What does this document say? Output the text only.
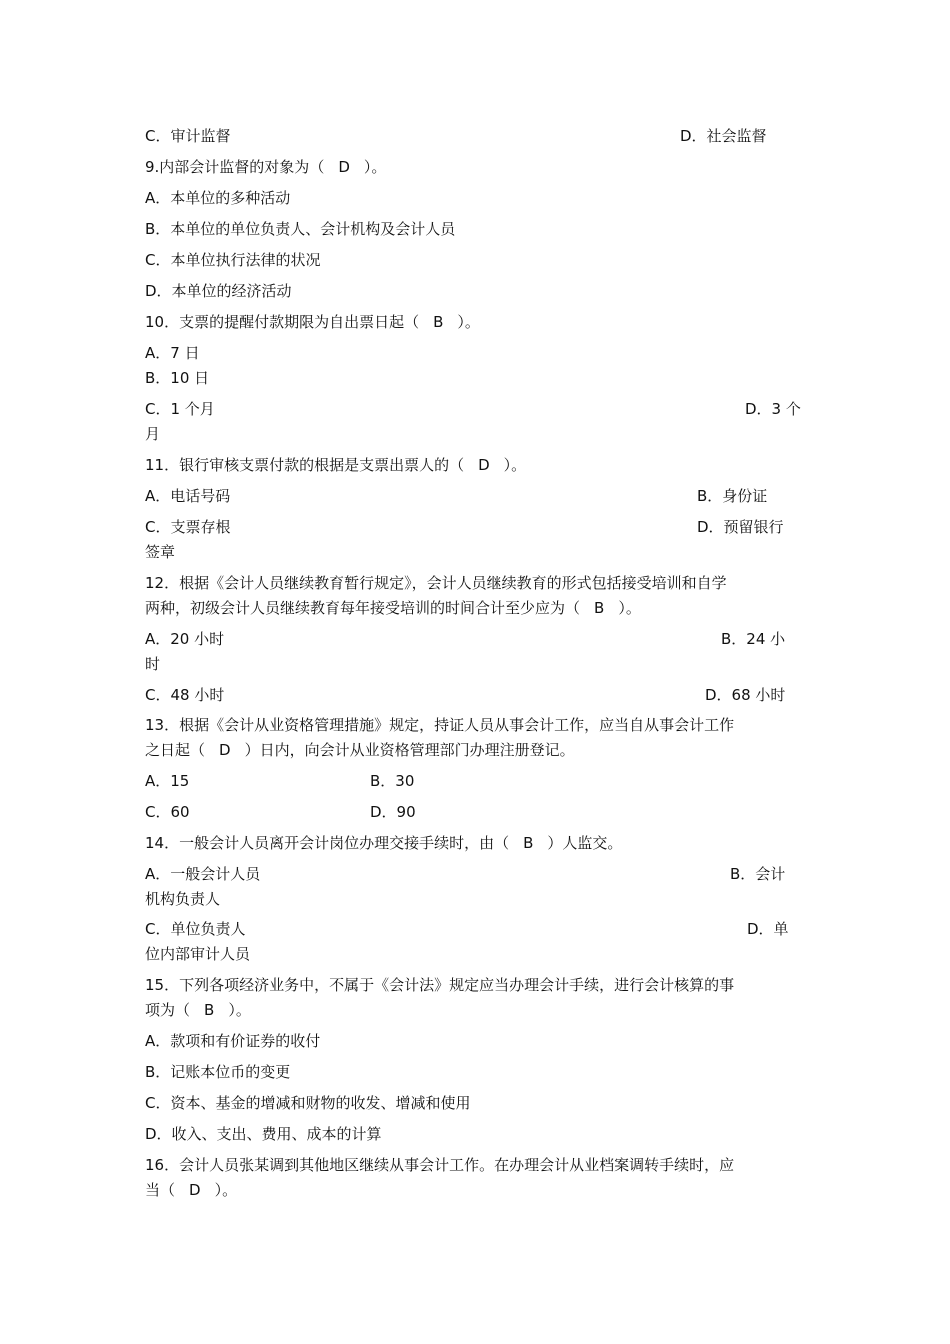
C．审计监督	D．社会监督
9.内部会计监督的对象为（ D ）。
A．本单位的多种活动
B．本单位的单位负责人、会计机构及会计人员
C．本单位执行法律的状况
D．本单位的经济活动
10．支票的提醒付款期限为自出票日起（ B ）。
A．7 日
B．10 日
C．1 个月	D．3 个
月
11．银行审核支票付款的根据是支票出票人的（ D ）。
A．电话号码	B．身份证
C．支票存根	D．预留银行
签章
12．根据《会计人员继续教育暂行规定》，会计人员继续教育的形式包括接受培训和自学
两种，初级会计人员继续教育每年接受培训的时间合计至少应为（ B ）。
A．20 小时	B．24 小
时
C．48 小时	D．68 小时
13．根据《会计从业资格管理措施》规定，持证人员从事会计工作，应当自从事会计工作
之日起（ D ）日内，向会计从业资格管理部门办理注册登记。
A．15	B．30
C．60	D．90
14．一般会计人员离开会计岗位办理交接手续时，由（ B ）人监交。
A．一般会计人员	B．会计
机构负责人
C．单位负责人	D．单
位内部审计人员
15．下列各项经济业务中，不属于《会计法》规定应当办理会计手续，进行会计核算的事
项为（ B ）。
A．款项和有价证券的收付
B．记账本位币的变更
C．资本、基金的增减和财物的收发、增减和使用
D．收入、支出、费用、成本的计算
16．会计人员张某调到其他地区继续从事会计工作。在办理会计从业档案调转手续时，应
当（ D ）。
